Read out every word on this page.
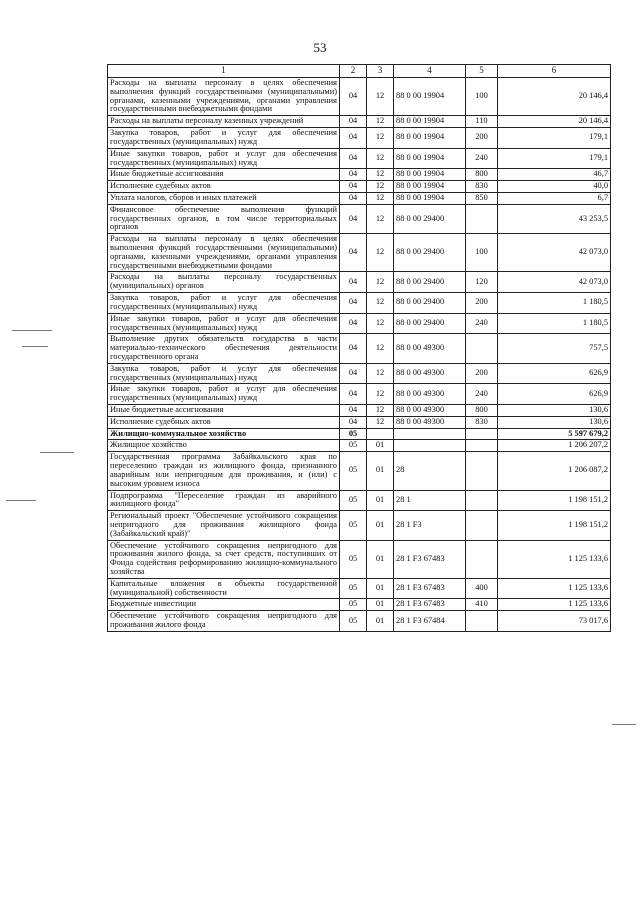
53
1	2	3	4	5	6
Расходы на выплаты персоналу в целях обеспечения выполнения функций государственными (муниципальными) органами, казенными учреждениями, органами управления государственными внебюджетными фондами	04	12	88 0 00 19904	100	20 146,4
Расходы на выплаты персоналу казенных учреждений	04	12	88 0 00 19904	110	20 146,4
Закупка товаров, работ и услуг для обеспечения государственных (муниципальных) нужд	04	12	88 0 00 19904	200	179,1
Иные закупки товаров, работ и услуг для обеспечения государственных (муниципальных) нужд	04	12	88 0 00 19904	240	179,1
Иные бюджетные ассигнования	04	12	88 0 00 19904	800	46,7
Исполнение судебных актов	04	12	88 0 00 19904	830	40,0
Уплата налогов, сборов и иных платежей	04	12	88 0 00 19904	850	6,7
Финансовое обеспечение выполнения функций государственных органов, в том числе территориальных органов	04	12	88 0 00 29400		43 253,5
Расходы на выплаты персоналу в целях обеспечения выполнения функций государственными (муниципальными) органами, казенными учреждениями, органами управления государственными внебюджетными фондами	04	12	88 0 00 29400	100	42 073,0
Расходы на выплаты персоналу государственных (муниципальных) органов	04	12	88 0 00 29400	120	42 073,0
Закупка товаров, работ и услуг для обеспечения государственных (муниципальных) нужд	04	12	88 0 00 29400	200	1 180,5
Иные закупки товаров, работ и услуг для обеспечения государственных (муниципальных) нужд	04	12	88 0 00 29400	240	1 180,5
Выполнение других обязательств государства в части материально-технического обеспечения деятельности государственного органа	04	12	88 0 00 49300		757,5
Закупка товаров, работ и услуг для обеспечения государственных (муниципальных) нужд	04	12	88 0 00 49300	200	626,9
Иные закупки товаров, работ и услуг для обеспечения государственных (муниципальных) нужд	04	12	88 0 00 49300	240	626,9
Иные бюджетные ассигнования	04	12	88 0 00 49300	800	130,6
Исполнение судебных актов	04	12	88 0 00 49300	830	130,6
Жилищно-коммунальное хозяйство	05				5 597 679,2
Жилищное хозяйство	05	01			1 206 207,2
Государственная программа Забайкальского края по переселению граждан из жилищного фонда, признанного аварийным или непригодным для проживания, и (или) с высоким уровнем износа	05	01	28		1 206 087,2
Подпрограмма "Переселение граждан из аварийного жилищного фонда"	05	01	28 1		1 198 151,2
Региональный проект "Обеспечение устойчивого сокращения непригодного для проживания жилищного фонда (Забайкальский край)"	05	01	28 1 F3		1 198 151,2
Обеспечение устойчивого сокращения непригодного для проживания жилого фонда, за счет средств, поступивших от Фонда содействия реформированию жилищно-коммунального хозяйства	05	01	28 1 F3 67483		1 125 133,6
Капитальные вложения в объекты государственной (муниципальной) собственности	05	01	28 1 F3 67483	400	1 125 133,6
Бюджетные инвестиции	05	01	28 1 F3 67483	410	1 125 133,6
Обеспечение устойчивого сокращения непригодного для проживания жилого фонда	05	01	28 1 F3 67484		73 017,6
